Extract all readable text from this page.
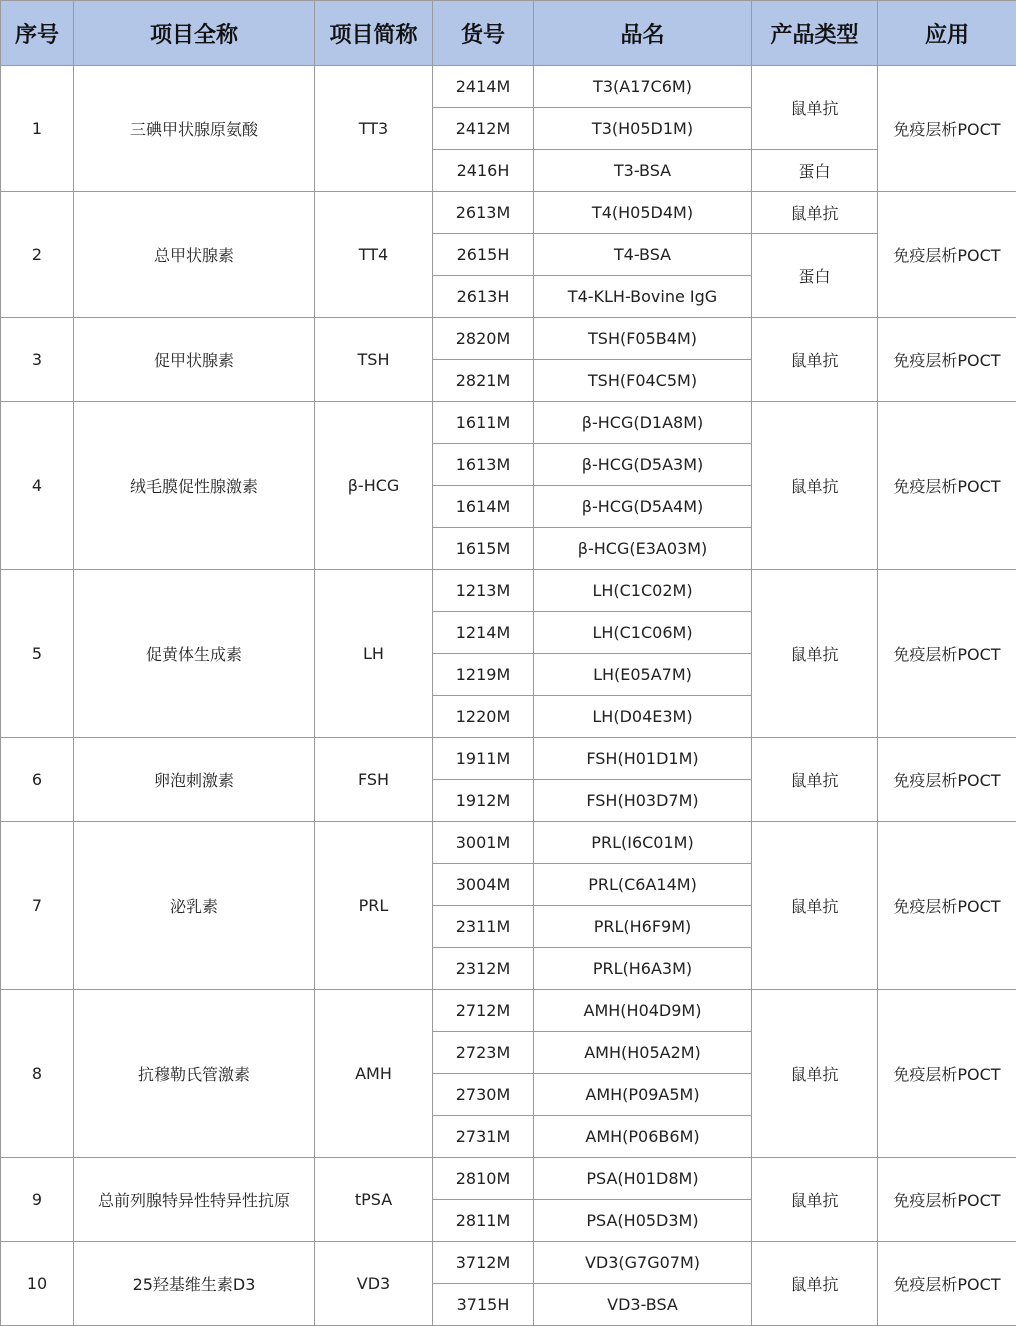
序号	项目全称	项目简称	货号	品名	产品类型	应用
1	三碘甲状腺原氨酸	TT3	2414M	T3(A17C6M)	鼠单抗	免疫层析POCT
			2412M	T3(H05D1M)		
			2416H	T3-BSA	蛋白	
2	总甲状腺素	TT4	2613M	T4(H05D4M)	鼠单抗	免疫层析POCT
			2615H	T4-BSA	蛋白	
			2613H	T4-KLH-Bovine IgG		
3	促甲状腺素	TSH	2820M	TSH(F05B4M)	鼠单抗	免疫层析POCT
			2821M	TSH(F04C5M)		
4	绒毛膜促性腺激素	β-HCG	1611M	β-HCG(D1A8M)	鼠单抗	免疫层析POCT
			1613M	β-HCG(D5A3M)		
			1614M	β-HCG(D5A4M)		
			1615M	β-HCG(E3A03M)		
5	促黄体生成素	LH	1213M	LH(C1C02M)	鼠单抗	免疫层析POCT
			1214M	LH(C1C06M)		
			1219M	LH(E05A7M)		
			1220M	LH(D04E3M)		
6	卵泡刺激素	FSH	1911M	FSH(H01D1M)	鼠单抗	免疫层析POCT
			1912M	FSH(H03D7M)		
7	泌乳素	PRL	3001M	PRL(I6C01M)	鼠单抗	免疫层析POCT
			3004M	PRL(C6A14M)		
			2311M	PRL(H6F9M)		
			2312M	PRL(H6A3M)		
8	抗穆勒氏管激素	AMH	2712M	AMH(H04D9M)	鼠单抗	免疫层析POCT
			2723M	AMH(H05A2M)		
			2730M	AMH(P09A5M)		
			2731M	AMH(P06B6M)		
9	总前列腺特异性特异性抗原	tPSA	2810M	PSA(H01D8M)	鼠单抗	免疫层析POCT
			2811M	PSA(H05D3M)		
10	25羟基维生素D3	VD3	3712M	VD3(G7G07M)	鼠单抗	免疫层析POCT
			3715H	VD3-BSA		
